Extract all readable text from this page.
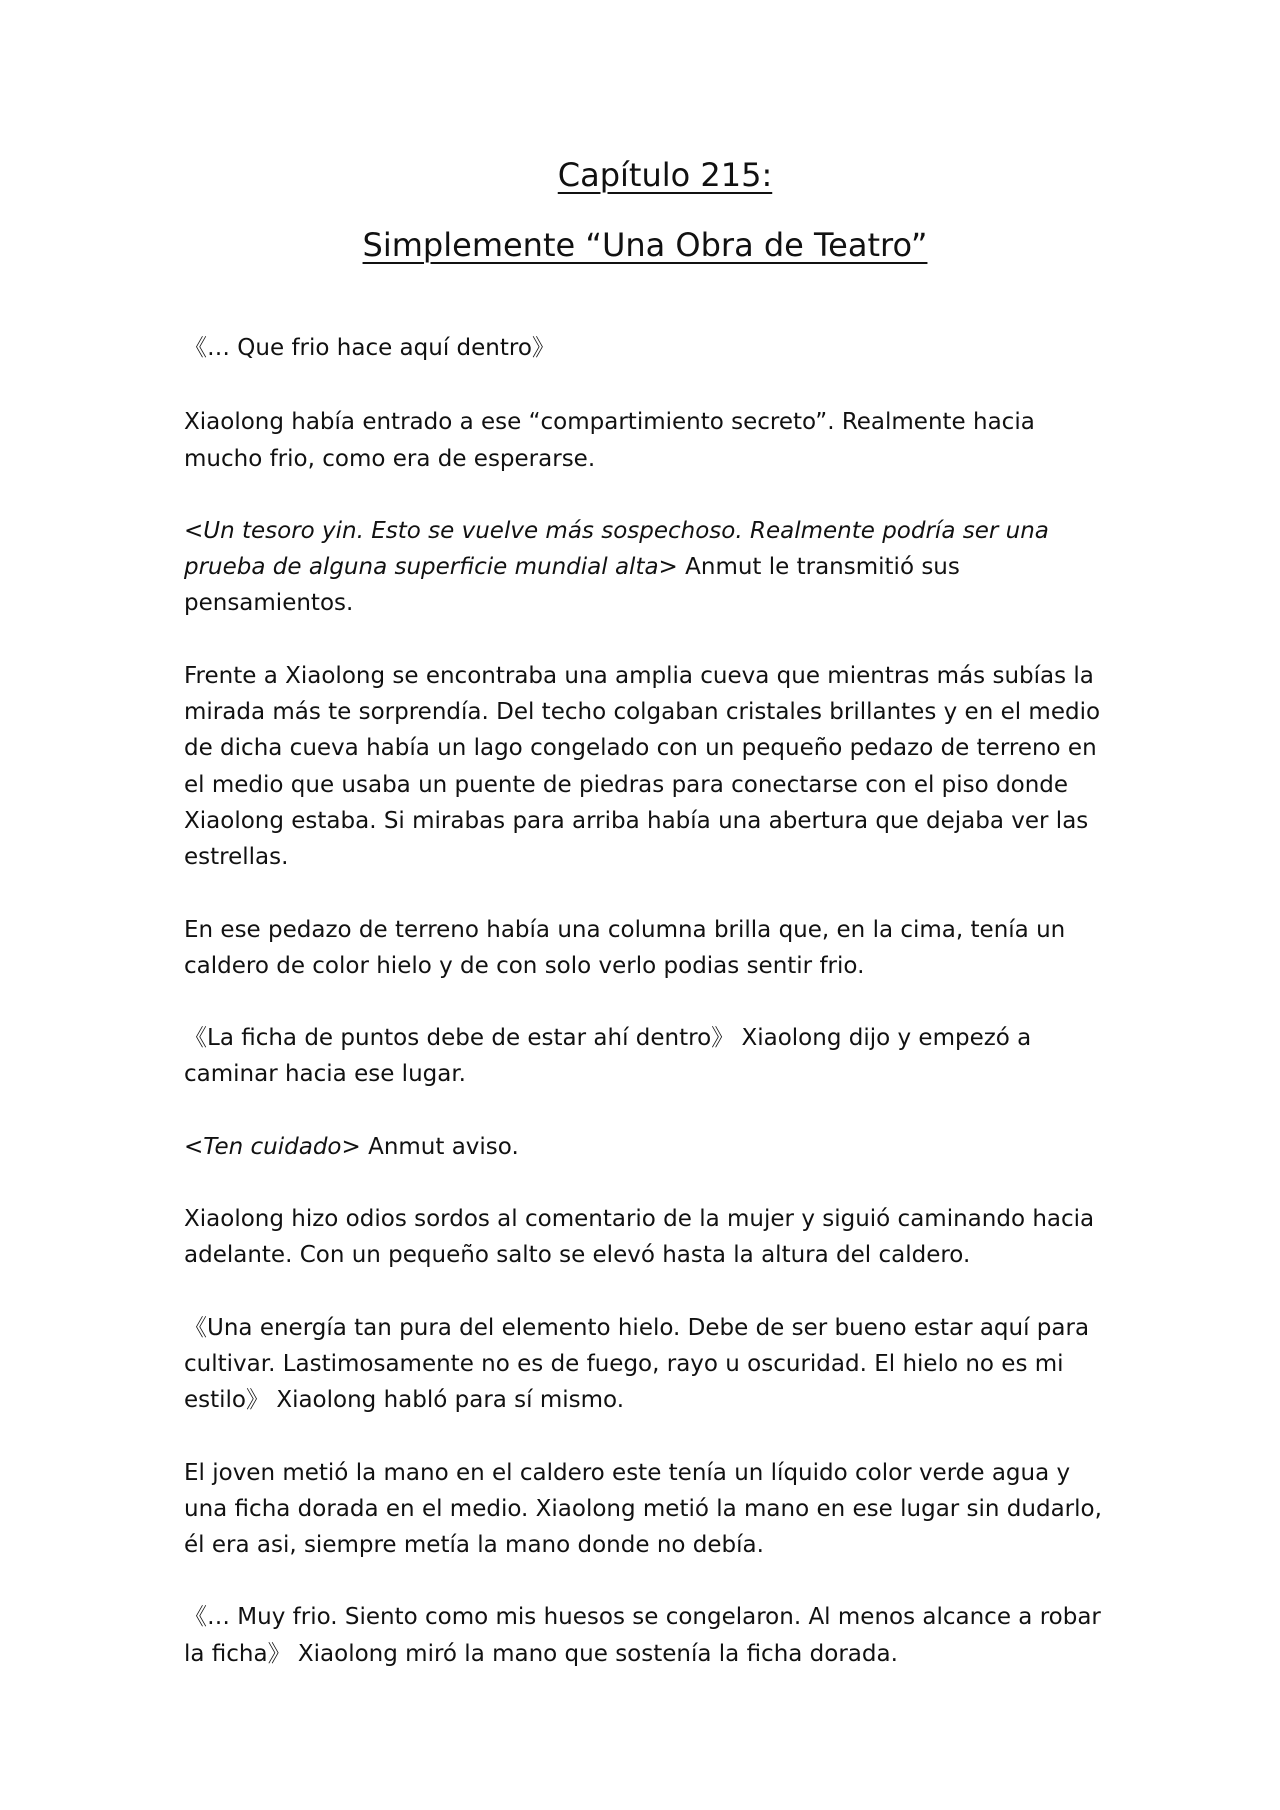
Capítulo 215:
Simplemente “Una Obra de Teatro”

《… Que frio hace aquí dentro》

Xiaolong había entrado a ese “compartimiento secreto”. Realmente hacia mucho frio, como era de esperarse.

<Un tesoro yin. Esto se vuelve más sospechoso. Realmente podría ser una prueba de alguna superficie mundial alta> Anmut le transmitió sus pensamientos.

Frente a Xiaolong se encontraba una amplia cueva que mientras más subías la mirada más te sorprendía. Del techo colgaban cristales brillantes y en el medio de dicha cueva había un lago congelado con un pequeño pedazo de terreno en el medio que usaba un puente de piedras para conectarse con el piso donde Xiaolong estaba. Si mirabas para arriba había una abertura que dejaba ver las estrellas.

En ese pedazo de terreno había una columna brilla que, en la cima, tenía un caldero de color hielo y de con solo verlo podias sentir frio.

《La ficha de puntos debe de estar ahí dentro》 Xiaolong dijo y empezó a caminar hacia ese lugar.

<Ten cuidado> Anmut aviso.

Xiaolong hizo odios sordos al comentario de la mujer y siguió caminando hacia adelante. Con un pequeño salto se elevó hasta la altura del caldero.

《Una energía tan pura del elemento hielo. Debe de ser bueno estar aquí para cultivar. Lastimosamente no es de fuego, rayo u oscuridad. El hielo no es mi estilo》 Xiaolong habló para sí mismo.

El joven metió la mano en el caldero este tenía un líquido color verde agua y una ficha dorada en el medio. Xiaolong metió la mano en ese lugar sin dudarlo, él era asi, siempre metía la mano donde no debía.

《… Muy frio. Siento como mis huesos se congelaron. Al menos alcance a robar la ficha》 Xiaolong miró la mano que sostenía la ficha dorada.
